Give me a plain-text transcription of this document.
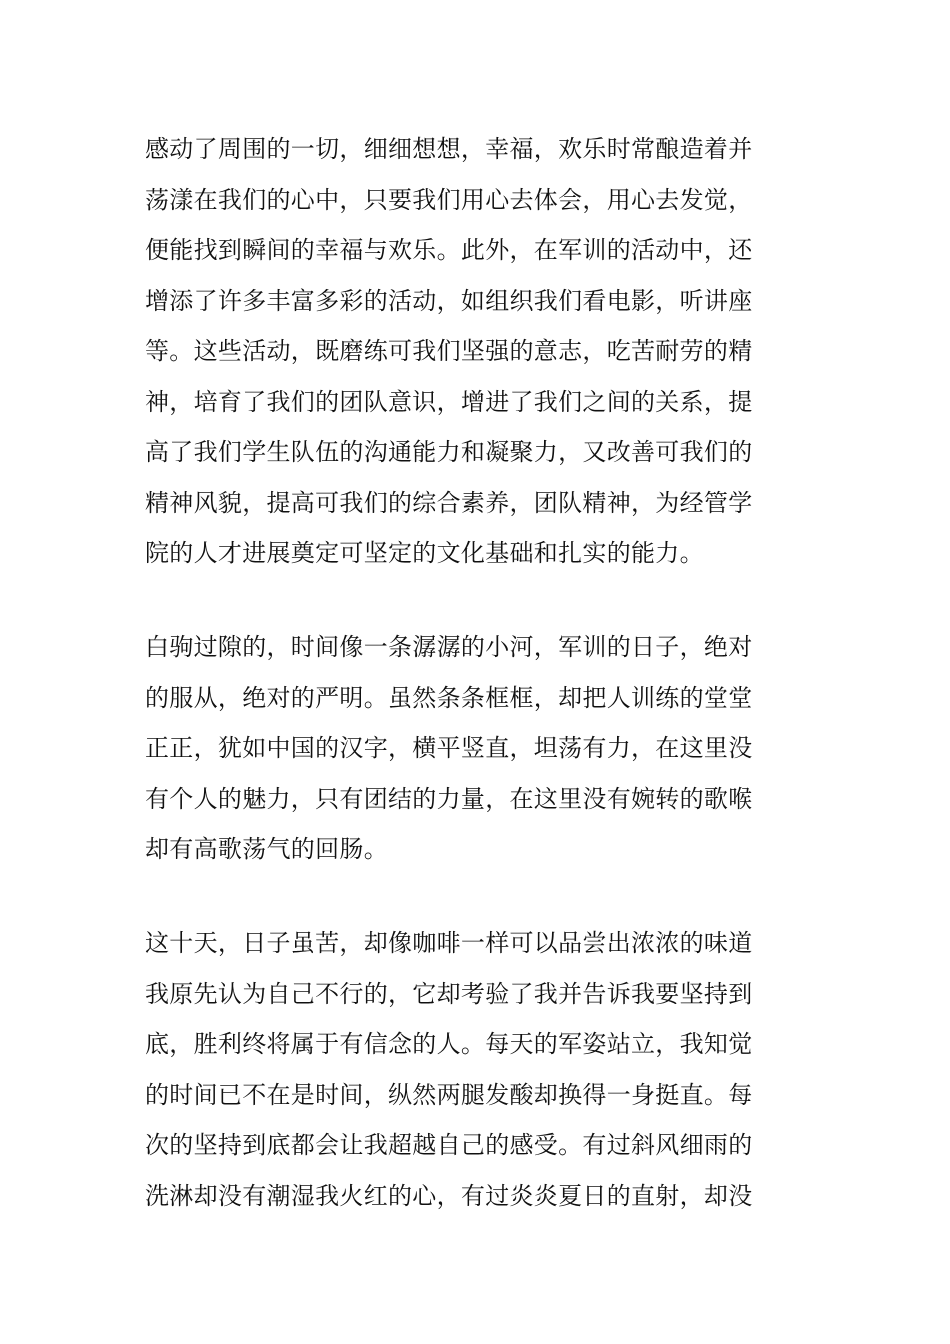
感动了周围的一切，细细想想，幸福，欢乐时常酿造着并
荡漾在我们的心中，只要我们用心去体会，用心去发觉，
便能找到瞬间的幸福与欢乐。此外，在军训的活动中，还
增添了许多丰富多彩的活动，如组织我们看电影，听讲座
等。这些活动，既磨练可我们坚强的意志，吃苦耐劳的精
神，培育了我们的团队意识，增进了我们之间的关系，提
高了我们学生队伍的沟通能力和凝聚力，又改善可我们的
精神风貌，提高可我们的综合素养，团队精神，为经管学
院的人才进展奠定可坚定的文化基础和扎实的能力。
白驹过隙的，时间像一条潺潺的小河，军训的日子，绝对
的服从，绝对的严明。虽然条条框框，却把人训练的堂堂
正正，犹如中国的汉字，横平竖直，坦荡有力，在这里没
有个人的魅力，只有团结的力量，在这里没有婉转的歌喉
却有高歌荡气的回肠。
这十天，日子虽苦，却像咖啡一样可以品尝出浓浓的味道
我原先认为自己不行的，它却考验了我并告诉我要坚持到
底，胜利终将属于有信念的人。每天的军姿站立，我知觉
的时间已不在是时间，纵然两腿发酸却换得一身挺直。每
次的坚持到底都会让我超越自己的感受。有过斜风细雨的
洗淋却没有潮湿我火红的心，有过炎炎夏日的直射，却没
